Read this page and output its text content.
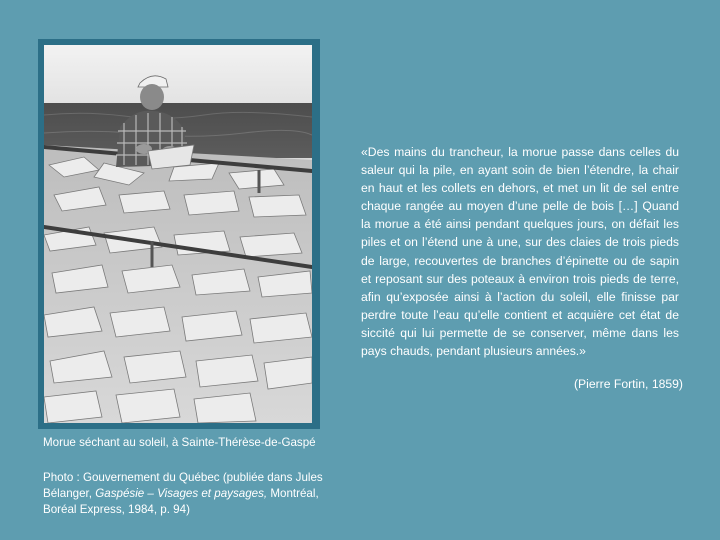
«Des mains du trancheur, la morue passe dans celles du saleur qui la pile, en ayant soin de bien l’étendre, la chair en haut et les collets en dehors, et met un lit de sel entre chaque rangée au moyen d’une pelle de bois […] Quand la morue a été ainsi pendant quelques jours, on défait les piles et on l’étend une à une, sur des claies de trois pieds de large, recouvertes de branches d’épinette ou de sapin et reposant sur des poteaux à environ trois pieds de terre, afin qu’exposée ainsi à l’action du soleil, elle finisse par perdre toute l’eau qu’elle contient et acquière cet état de siccité qui lui permette de se conserver, même dans les pays chauds, pendant plusieurs années.»

(Pierre Fortin, 1859)

Morue séchant au soleil, à Sainte-Thérèse-de-Gaspé

Photo : Gouvernement du Québec (publiée dans Jules Bélanger, Gaspésie – Visages et paysages, Montréal, Boréal Express, 1984, p. 94)
